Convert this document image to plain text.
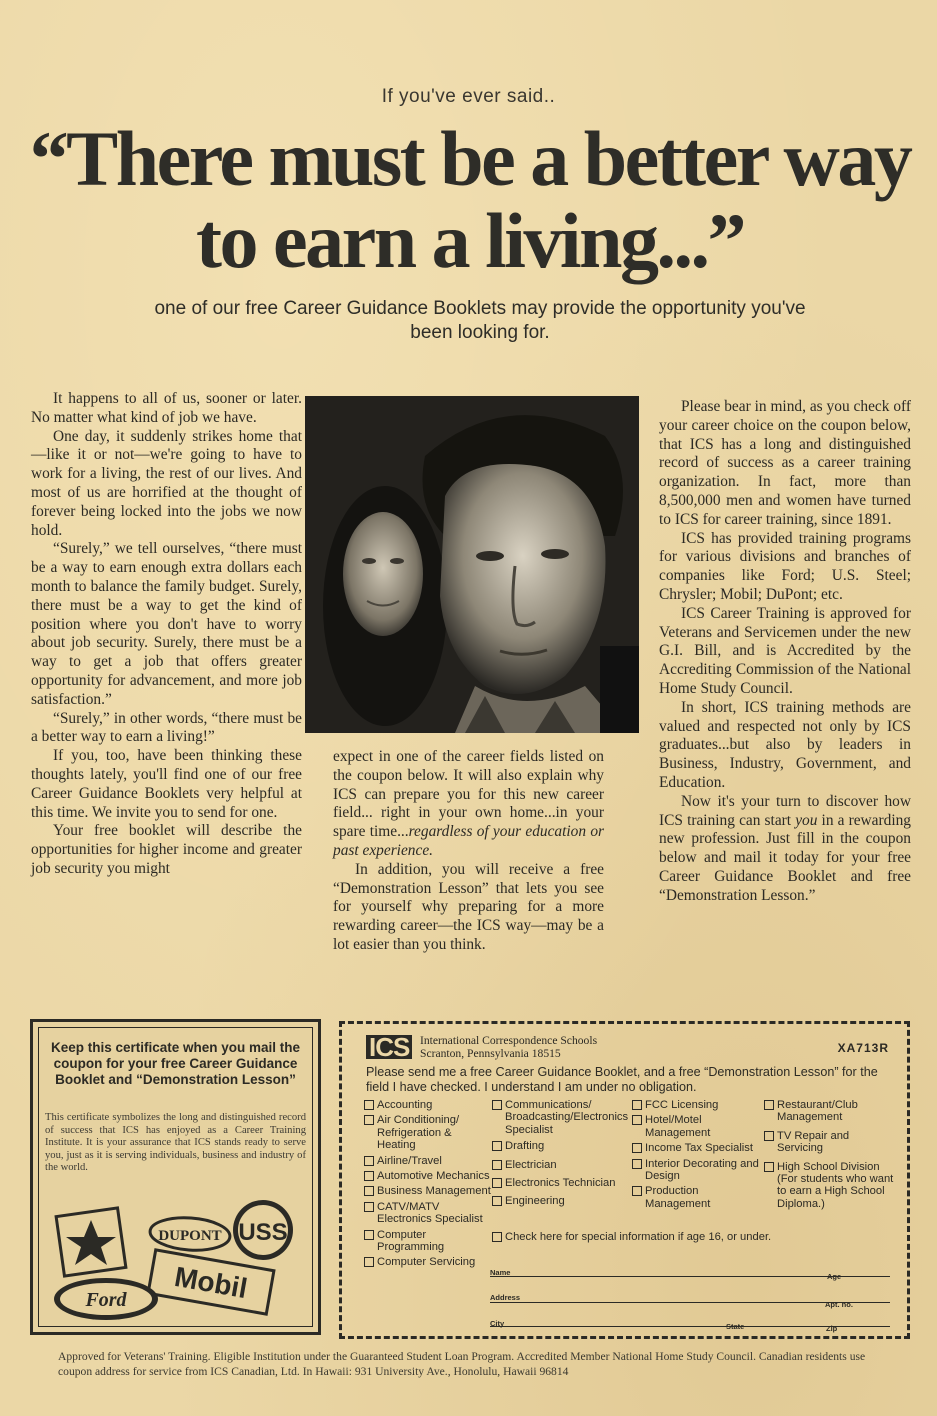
If you've ever said..
“There must be a better way
to earn a living...”
one of our free Career Guidance Booklets may provide the opportunity you've been looking for.

It happens to all of us, sooner or later. No matter what kind of job we have.

One day, it suddenly strikes home that—like it or not—we're going to have to work for a living, the rest of our lives. And most of us are horrified at the thought of forever being locked into the jobs we now hold.

“Surely,” we tell ourselves, “there must be a way to earn enough extra dollars each month to balance the family budget. Surely, there must be a way to get the kind of position where you don't have to worry about job security. Surely, there must be a way to get a job that offers greater opportunity for advancement, and more job satisfaction.”

“Surely,” in other words, “there must be a better way to earn a living!”

If you, too, have been thinking these thoughts lately, you'll find one of our free Career Guidance Booklets very helpful at this time. We invite you to send for one.

Your free booklet will describe the opportunities for higher income and greater job security you might

expect in one of the career fields listed on the coupon below. It will also explain why ICS can prepare you for this new career field... right in your own home...in your spare time...regardless of your education or past experience.

In addition, you will receive a free “Demonstration Lesson” that lets you see for yourself why preparing for a more rewarding career—the ICS way—may be a lot easier than you think.

Please bear in mind, as you check off your career choice on the coupon below, that ICS has a long and distinguished record of success as a career training organization. In fact, more than 8,500,000 men and women have turned to ICS for career training, since 1891.

ICS has provided training programs for various divisions and branches of companies like Ford; U.S. Steel; Chrysler; Mobil; DuPont; etc.

ICS Career Training is approved for Veterans and Servicemen under the new G.I. Bill, and is Accredited by the Accrediting Commission of the National Home Study Council.

In short, ICS training methods are valued and respected not only by ICS graduates...but also by leaders in Business, Industry, Government, and Education.

Now it's your turn to discover how ICS training can start you in a rewarding new profession. Just fill in the coupon below and mail it today for your free Career Guidance Booklet and free “Demonstration Lesson.”

Keep this certificate when you mail the coupon for your free Career Guidance Booklet and “Demonstration Lesson”
This certificate symbolizes the long and distinguished record of success that ICS has enjoyed as a Career Training Institute. It is your assurance that ICS stands ready to serve you, just as it is serving individuals, business and industry of the world.
DUPONT USS
Mobil
Ford
ICS International Correspondence Schools
Scranton, Pennsylvania 18515	XA713R
Please send me a free Career Guidance Booklet, and a free “Demonstration Lesson” for the field I have checked. I understand I am under no obligation.
Accounting
Air Conditioning/ Refrigeration & Heating
Airline/Travel
Automotive Mechanics
Business Management
CATV/MATV Electronics Specialist
Computer Programming
Computer Servicing
Communications/ Broadcasting/Electronics Specialist
Drafting
Electrician
Electronics Technician
Engineering
FCC Licensing
Hotel/Motel Management
Income Tax Specialist
Interior Decorating and Design
Production Management
Restaurant/Club Management
TV Repair and Servicing
High School Division (For students who want to earn a High School Diploma.)
Check here for special information if age 16, or under.
Name	Age
Address
Apt. no.
City	State	Zip
Approved for Veterans' Training. Eligible Institution under the Guaranteed Student Loan Program. Accredited Member National Home Study Council. Canadian residents use coupon address for service from ICS Canadian, Ltd. In Hawaii: 931 University Ave., Honolulu, Hawaii 96814
